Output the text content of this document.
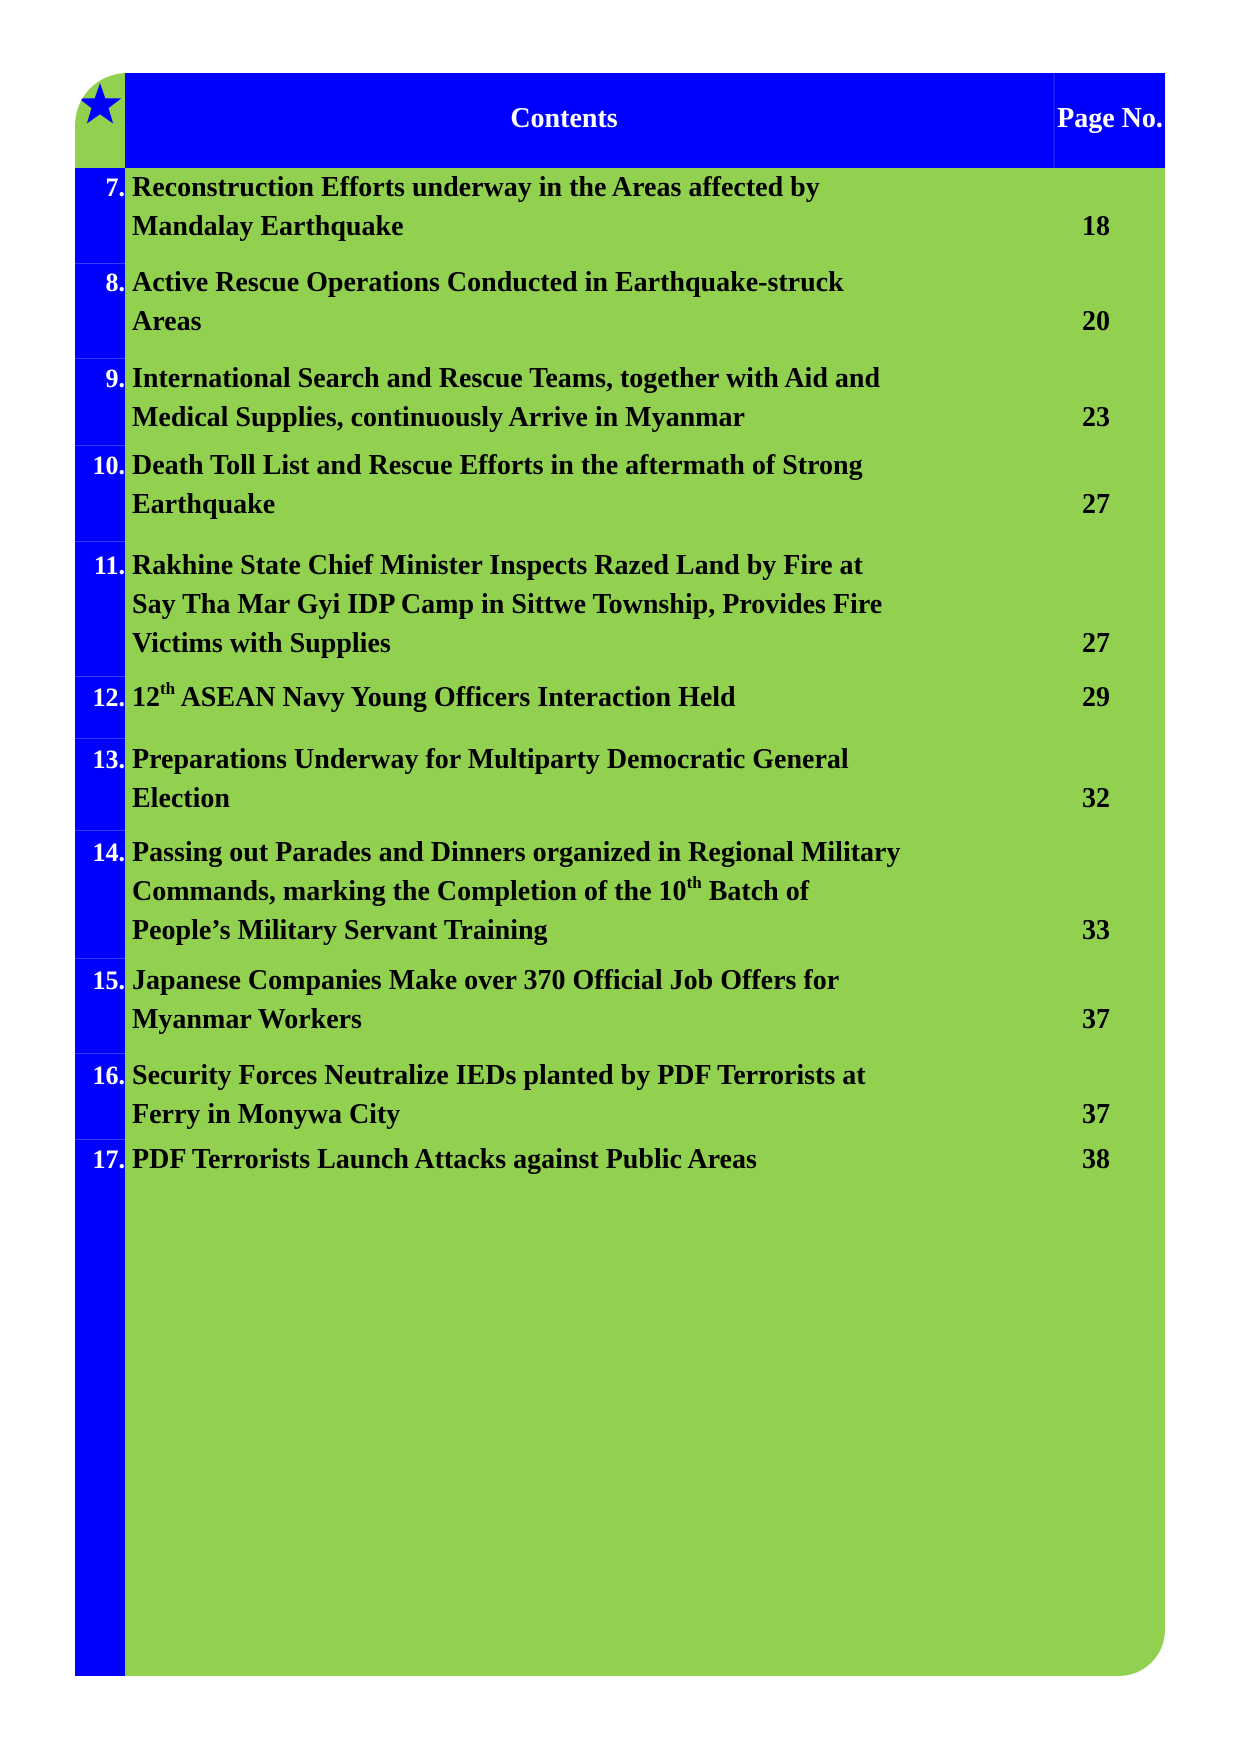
Contents	Page No.
7. Reconstruction Efforts underway in the Areas affected by
Mandalay Earthquake	18
8. Active Rescue Operations Conducted in Earthquake-struck
Areas	20
9. International Search and Rescue Teams, together with Aid and
Medical Supplies, continuously Arrive in Myanmar	23
10. Death Toll List and Rescue Efforts in the aftermath of Strong
Earthquake	27
11. Rakhine State Chief Minister Inspects Razed Land by Fire at
Say Tha Mar Gyi IDP Camp in Sittwe Township, Provides Fire
Victims with Supplies	27
12. 12th ASEAN Navy Young Officers Interaction Held	29
13. Preparations Underway for Multiparty Democratic General
Election	32
14. Passing out Parades and Dinners organized in Regional Military
Commands, marking the Completion of the 10th Batch of
People’s Military Servant Training	33
15. Japanese Companies Make over 370 Official Job Offers for
Myanmar Workers	37
16. Security Forces Neutralize IEDs planted by PDF Terrorists at
Ferry in Monywa City	37
17. PDF Terrorists Launch Attacks against Public Areas	38
